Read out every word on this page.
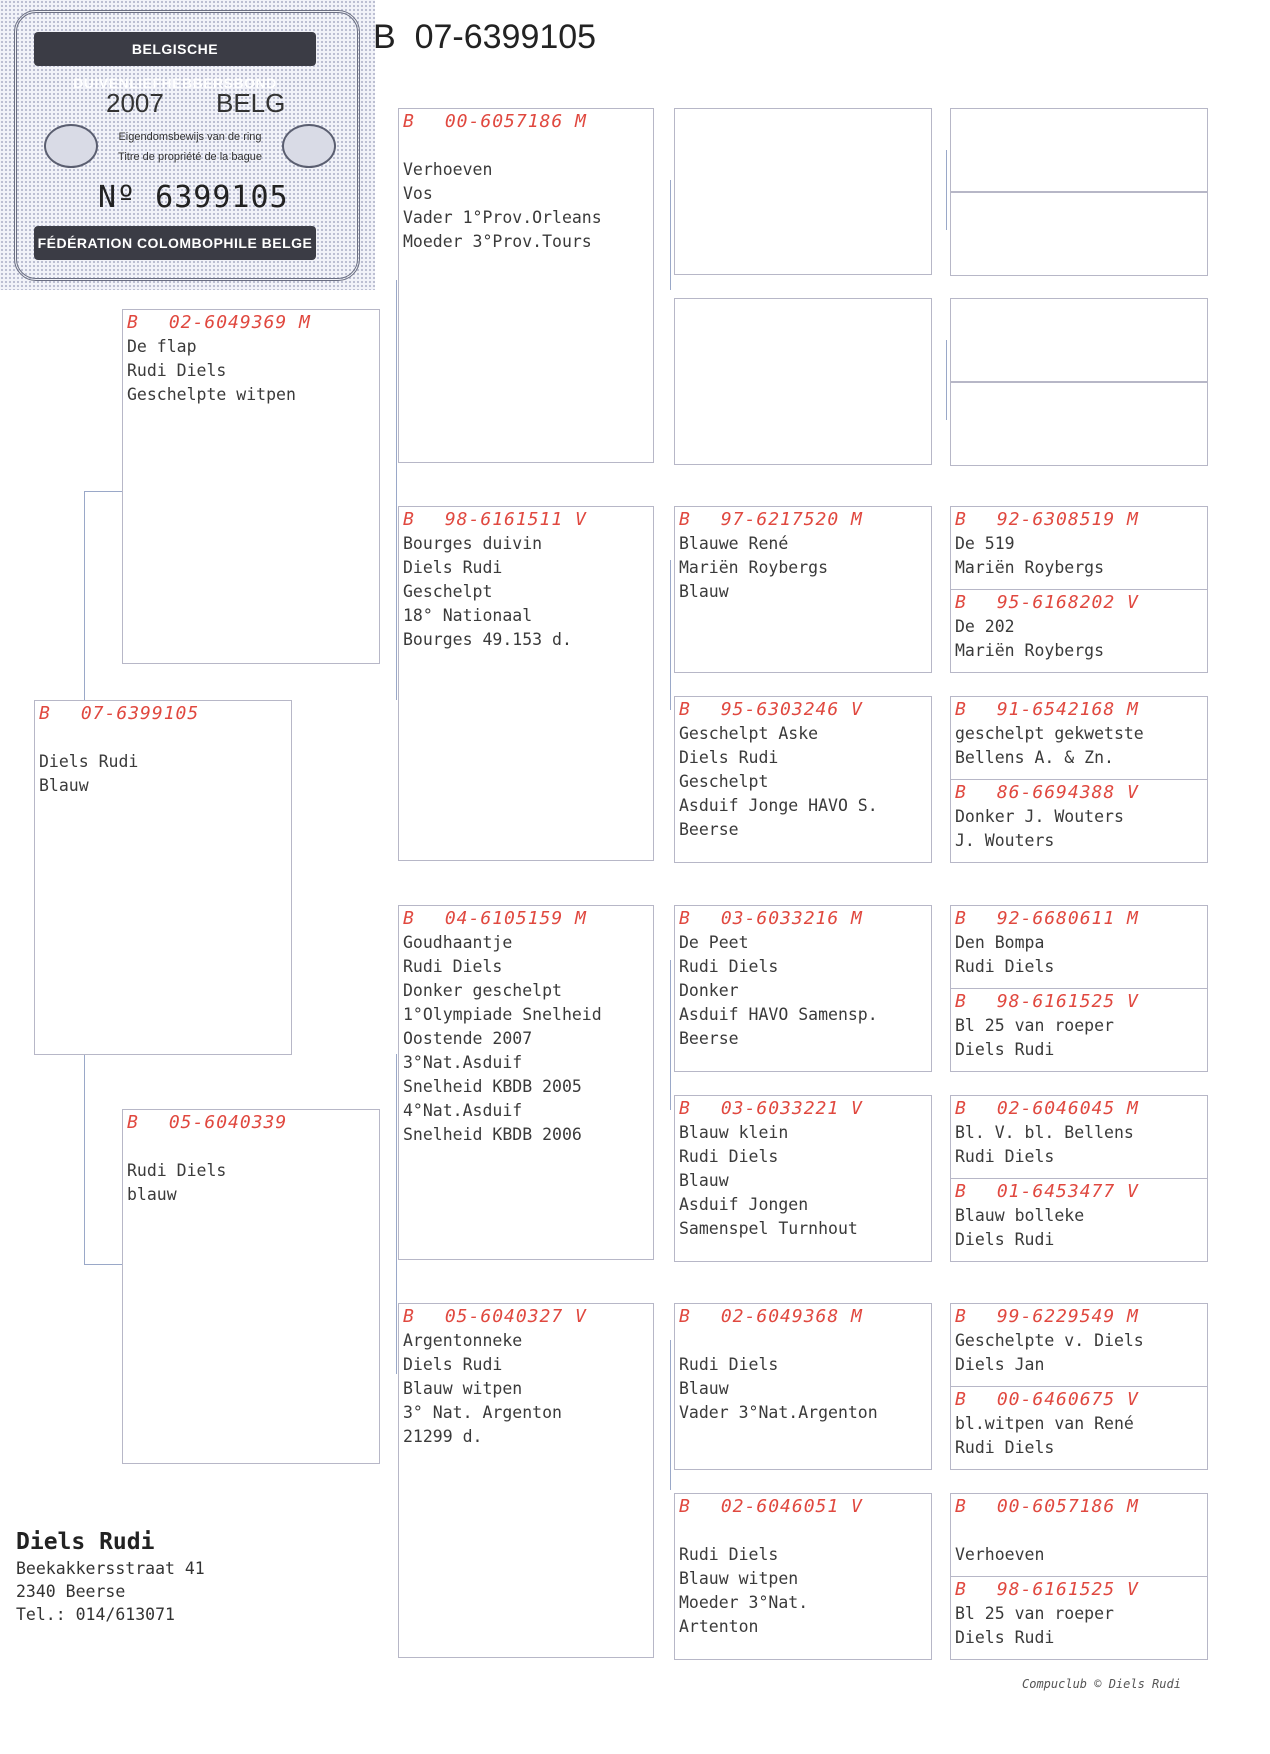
BELGISCHE DUIVENLIEFHEBBERSBOND
2007 BELG
Eigendomsbewijs van de ring
Titre de propriété de la bague
Nº 6399105
FÉDÉRATION COLOMBOPHILE BELGE
B  07-6399105
B 07-6399105

Diels Rudi
Blauw
B 02-6049369 M
De flap
Rudi Diels
Geschelpte witpen
B 05-6040339

Rudi Diels
blauw
B 00-6057186 M

Verhoeven
Vos
Vader 1°Prov.Orleans
Moeder 3°Prov.Tours
B 98-6161511 V
Bourges duivin
Diels Rudi
Geschelpt
18° Nationaal
Bourges 49.153 d.
B 04-6105159 M
Goudhaantje
Rudi Diels
Donker geschelpt
1°Olympiade Snelheid
Oostende 2007
3°Nat.Asduif
Snelheid KBDB 2005
4°Nat.Asduif
Snelheid KBDB 2006
B 05-6040327 V
Argentonneke
Diels Rudi
Blauw witpen
3° Nat. Argenton
21299 d.
B 97-6217520 M
Blauwe René
Mariën Roybergs
Blauw
B 95-6303246 V
Geschelpt Aske
Diels Rudi
Geschelpt
Asduif Jonge HAVO S.
Beerse
B 03-6033216 M
De Peet
Rudi Diels
Donker
Asduif HAVO Samensp.
Beerse
B 03-6033221 V
Blauw klein
Rudi Diels
Blauw
Asduif Jongen
Samenspel Turnhout
B 02-6049368 M

Rudi Diels
Blauw
Vader 3°Nat.Argenton
B 02-6046051 V

Rudi Diels
Blauw witpen
Moeder 3°Nat.
Artenton
B 92-6308519 M
De 519
Mariën Roybergs
B 95-6168202 V
De 202
Mariën Roybergs
B 91-6542168 M
geschelpt gekwetste
Bellens A. & Zn.
B 86-6694388 V
Donker J. Wouters
J. Wouters
B 92-6680611 M
Den Bompa
Rudi Diels
B 98-6161525 V
Bl 25 van roeper
Diels Rudi
B 02-6046045 M
Bl. V. bl. Bellens
Rudi Diels
B 01-6453477 V
Blauw bolleke
Diels Rudi
B 99-6229549 M
Geschelpte v. Diels
Diels Jan
B 00-6460675 V
bl.witpen van René
Rudi Diels
B 00-6057186 M

Verhoeven
B 98-6161525 V
Bl 25 van roeper
Diels Rudi
Diels Rudi
Beekakkersstraat 41
2340 Beerse
Tel.: 014/613071
Compuclub © Diels Rudi
